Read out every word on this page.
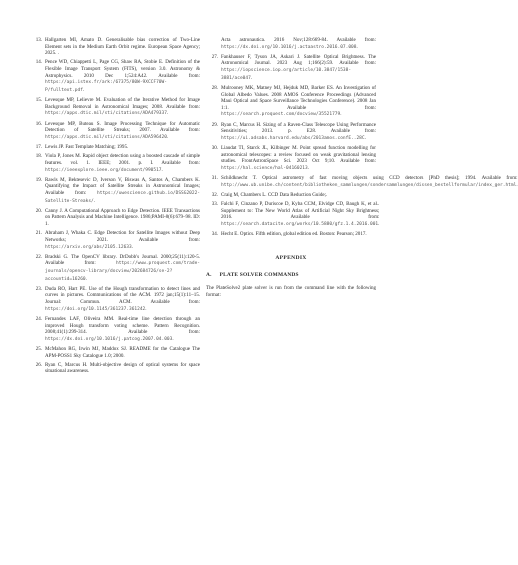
13. Hallgarten MI, Amato D. Generalisable bias correction of Two-Line Element sets in the Medium Earth Orbit regime. European Space Agency; 2025. .
14. Pence WD, Chiappetti L, Page CG, Shaw RA, Stobie E. Definition of the Flexible Image Transport System (FITS), version 3.0. Astronomy & Astrophysics. 2010 Dec 1;524:A42. Available from: https://api.istex.fr/ark:/67375/80W-9XCCF70W-P/fulltext.pdf.
15. Levesque MP, Lelievre M. Evaluation of the Iterative Method for Image Background Removal in Astronomical Images; 2008. Available from: https://apps.dtic.mil/sti/citations/ADA479337.
16. Levesque MP, Buteau S. Image Processing Technique for Automatic Detection of Satellite Streaks; 2007. Available from: https://apps.dtic.mil/sti/citations/ADA596420.
17. Lewis JP. Fast Template Matching; 1995.
18. Viola P, Jones M. Rapid object detection using a boosted cascade of simple features. vol. 1. IEEE; 2001. p. I. Available from: https://ieeexplore.ieee.org/document/990517.
19. Rawls M, Bektesevic D, Iverson V, Biswas A, Santos A, Chambers K. Quantifying the Impact of Satellite Streaks in Astronomical Images; Available from: https://uwescience.github.io/DSSG2022-Satellite-Streaks/.
20. Canny J. A Computational Approach to Edge Detection. IEEE Transactions on Pattern Analysis and Machine Intelligence. 1986;PAMI-8(6):679–98. ID: 1.
21. Abraham J, Whaka C. Edge Detection for Satellite Images without Deep Networks; 2021. Available from: https://arxiv.org/abs/2105.12633.
22. Bradski G. The OpenCV library. DrDobb's Journal. 2000;25(11):120-5. Available from: https://www.proquest.com/trade-journals/opencv-library/docview/202684726/se-2?accountid=16260.
23. Duda RO, Hart PE. Use of the Hough transformation to detect lines and curves in pictures. Communications of the ACM. 1972 jan;15(1):11–15. Journal: Commun. ACM. Available from: https://doi.org/10.1145/361237.361242.
24. Fernandes LAF, Oliveira MM. Real-time line detection through an improved Hough transform voting scheme. Pattern Recognition. 2008;41(1):299-314. Available from: https://dx.doi.org/10.1016/j.patcog.2007.04.003.
25. McMahon RG, Irwin MJ, Maddox SJ. README for the Catalogue The APM-POSS1 Sky Catalogue 1.0; 2000.
26. Ryan C, Marcus H. Multi-objective design of optical systems for space situational awareness.
Acta astronautica. 2016 Nov;128:669-84. Available from: https://dx.doi.org/10.1016/j.actaastro.2016.07.008.
27. Fankhauser F, Tyson JA, Askari J. Satellite Optical Brightness. The Astronomical Journal. 2023 Aug 1;166(2):59. Available from: https://iopscience.iop.org/article/10.3847/1538-3881/ace047.
28. Mulrooney MK, Matney MJ, Hejduk MD, Barker ES. An Investigation of Global Albedo Values. 2008 AMOS Conference Proceedings (Advanced Maui Optical and Space Surveillance Technologies Conference). 2008 Jan 1:1. Available from: https://search.proquest.com/docview/35521779.
29. Ryan C, Marcus H. Sizing of a Raven-Class Telescope Using Performance Sensitivities; 2013. p. E28. Available from: https://ui.adsabs.harvard.edu/abs/2013amos.confE..28C.
30. Liaudat TI, Starck JL, Kilbinger M. Point spread function modelling for astronomical telescopes: a review focused on weak gravitational lensing studies. FrontAstronSpace Sci. 2023 Oct 9;10. Available from: https://hal.science/hal-04160213.
31. Schildknecht T. Optical astrometry of fast moving objects using CCD detectors [PhD thesis]; 1994. Available from: http://www.ub.unibe.ch/content/bibliotheken_sammlungen/sondersammlungen/dissen_bestellformular/index_ger.html.
32. Craig M, Chambers L. CCD Data Reduction Guide;.
33. Falchi F, Cinzano P, Duriscoe D, Kyba CCM, Elvidge CD, Baugh K, et al.. Supplement to: The New World Atlas of Artificial Night Sky Brightness; 2016. Available from: https://search.datacite.org/works/10.5880/gfz.1.4.2016.001.
34. Hecht E. Optics. Fifth edition, global edition ed. Boston: Pearson; 2017.
APPENDIX
A. PLATE SOLVER COMMANDS
The PlateSolve2 plate solver is run from the command line with the following format:
